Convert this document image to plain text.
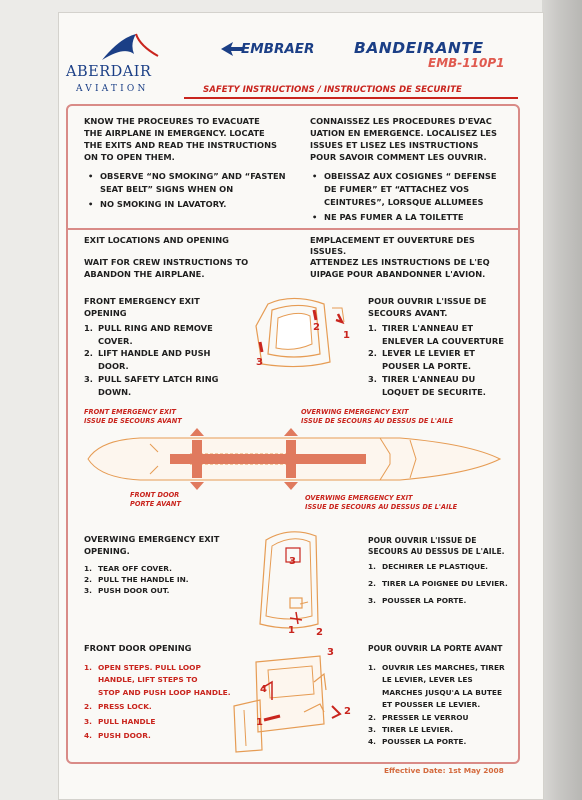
ABERDAIR

AVIATION

EMBRAER	BANDEIRANTE

EMB-110P1

SAFETY INSTRUCTIONS / INSTRUCTIONS DE SECURITE

KNOW THE PROCEURES TO EVACUATE

THE AIRPLANE IN EMERGENCY. LOCATE

THE EXITS AND READ THE INSTRUCTIONS

ON TO OPEN THEM.

CONNAISSEZ LES PROCEDURES D'EVAC

UATION EN EMERGENCE. LOCALISEZ LES

ISSUES ET LISEZ LES INSTRUCTIONS

POUR SAVOIR COMMENT LES OUVRIR.

• OBSERVE “NO SMOKING” AND “FASTEN
SEAT BELT” SIGNS WHEN ON
• NO SMOKING IN LAVATORY.
• OBEISSAZ AUX COSIGNES “ DEFENSE
DE FUMER” ET “ATTACHEZ VOS
CEINTURES”, LORSQUE ALLUMEES
• NE PAS FUMER A LA TOILETTE

EXIT LOCATIONS AND OPENING

WAIT FOR CREW INSTRUCTIONS TO

ABANDON THE AIRPLANE.

EMPLACEMENT ET OUVERTURE DES

ISSUES.

ATTENDEZ LES INSTRUCTIONS DE L'EQ

UIPAGE POUR ABANDONNER L'AVION.

FRONT EMERGENCY EXIT

OPENING

PULL RING AND REMOVE
COVER.
LIFT HANDLE AND PUSH
DOOR.
PULL SAFETY LATCH RING
DOWN.

2

1

3

POUR OUVRIR L'ISSUE DE

SECOURS AVANT.

TIRER L'ANNEAU ET
ENLEVER LA COUVERTURE
LEVER LE LEVIER ET
POUSER LA PORTE.
TIRER L'ANNEAU DU
LOQUET DE SECURITE.

FRONT EMERGENCY EXIT

ISSUE DE SECOURS AVANT

OVERWING EMERGENCY EXIT

ISSUE DE SECOURS AU DESSUS DE L'AILE

FRONT DOOR

PORTE AVANT

OVERWING EMERGENCY EXIT

ISSUE DE SECOURS AU DESSUS DE L'AILE

OVERWING EMERGENCY EXIT

OPENING.

TEAR OFF COVER.
PULL THE HANDLE IN.
PUSH DOOR OUT.

3

1 2

POUR OUVRIR L'ISSUE DE

SECOURS AU DESSUS DE L'AILE.

DECHIRER LE PLASTIQUE.
TIRER LA POIGNEE DU LEVIER.
POUSSER LA PORTE.

FRONT DOOR OPENING

OPEN STEPS. PULL LOOP
HANDLE, LIFT STEPS TO
STOP AND PUSH LOOP HANDLE.
PRESS LOCK.
PULL HANDLE
PUSH DOOR.

3

4

1

2

POUR OUVRIR LA PORTE AVANT

OUVRIR LES MARCHES, TIRER
LE LEVIER, LEVER LES
MARCHES JUSQU'A LA BUTEE
ET POUSSER LE LEVIER.
PRESSER LE VERROU
TIRER LE LEVIER.
POUSSER LA PORTE.

Effective Date: 1st May 2008
